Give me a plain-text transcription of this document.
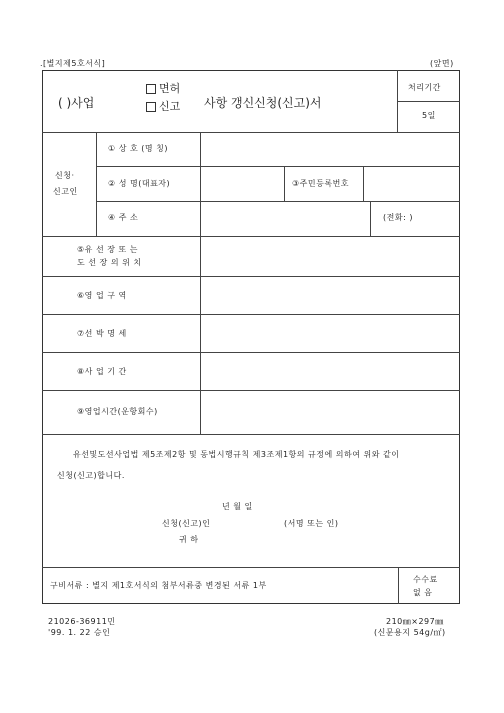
.[별지제5호서식]	(앞면)
( )사업
면허
신고 사항 갱신신청(신고)서
처리기간
5일
신청·
신고인
① 상 호 (명 칭)
② 성 명(대표자)	③주민등록번호
④ 주 소	(전화: )
⑤유 선 장 또 는
도 선 장 의 위 치
⑥영 업 구 역
⑦선 박 명 세
⑧사 업 기 간
⑨영업시간(운항회수)
유선및도선사업법 제5조제2항 및 동법시행규칙 제3조제1항의 규정에 의하여 위와 같이
신청(신고)합니다.
년 월 일
신청(신고)인	(서명 또는 인)
귀 하
구비서류 : 별지 제1호서식의 첨부서류중 변경된 서류 1부
수수료
없 음
21026-36911민
'99. 1. 22 승인
210㎜×297㎜
(신문용지 54g/㎡)
